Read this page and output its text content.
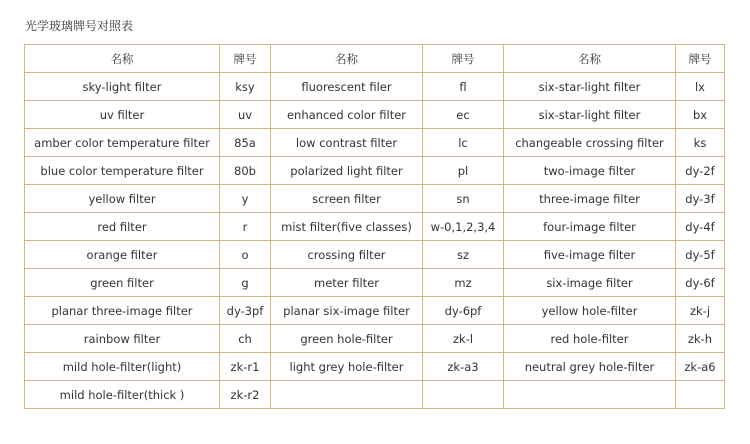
光学玻璃牌号对照表
名称	牌号	名称	牌号	名称	牌号
sky-light filter	ksy	fluorescent filer	fl	six-star-light filter	lx
uv filter	uv	enhanced color filter	ec	six-star-light filter	bx
amber color temperature filter	85a	low contrast filter	lc	changeable crossing filter	ks
blue color temperature filter	80b	polarized light filter	pl	two-image filter	dy-2f
yellow filter	y	screen filter	sn	three-image filter	dy-3f
red filter	r	mist filter(five classes)	w-0,1,2,3,4	four-image filter	dy-4f
orange filter	o	crossing filter	sz	five-image filter	dy-5f
green filter	g	meter filter	mz	six-image filter	dy-6f
planar three-image filter	dy-3pf	planar six-image filter	dy-6pf	yellow hole-filter	zk-j
rainbow filter	ch	green hole-filter	zk-l	red hole-filter	zk-h
mild hole-filter(light)	zk-r1	light grey hole-filter	zk-a3	neutral grey hole-filter	zk-a6
mild hole-filter(thick )	zk-r2				
